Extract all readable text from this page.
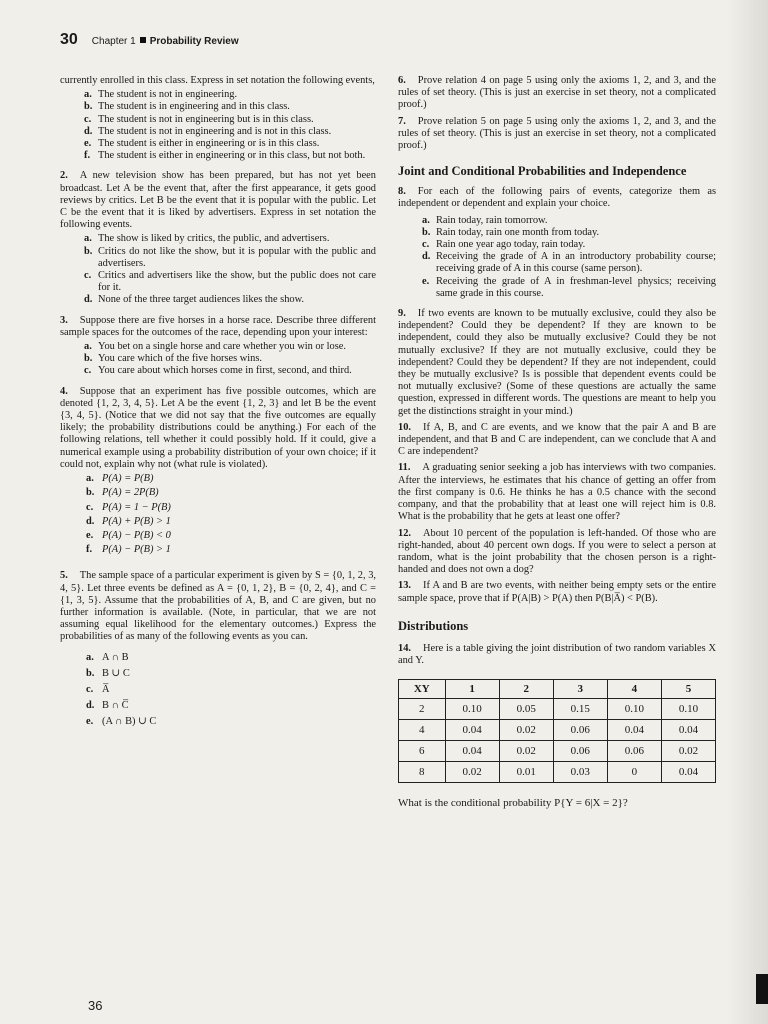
30 Chapter 1 Probability Review

currently enrolled in this class. Express in set notation the following events,

a. The student is not in engineering.
b. The student is in engineering and in this class.
c. The student is not in engineering but is in this class.
d. The student is not in engineering and is not in this class.
e. The student is either in engineering or is in this class.
f. The student is either in engineering or in this class, but not both.

2. A new television show has been prepared, but has not yet been broadcast. Let A be the event that, after the first appearance, it gets good reviews by critics. Let B be the event that it is popular with the public. Let C be the event that it is liked by advertisers. Express in set notation the following events.

a. The show is liked by critics, the public, and advertisers.
b. Critics do not like the show, but it is popular with the public and advertisers.
c. Critics and advertisers like the show, but the public does not care for it.
d. None of the three target audiences likes the show.

3. Suppose there are five horses in a horse race. Describe three different sample spaces for the outcomes of the race, depending upon your interest:

a. You bet on a single horse and care whether you win or lose.
b. You care which of the five horses wins.
c. You care about which horses come in first, second, and third.

4. Suppose that an experiment has five possible outcomes, which are denoted {1, 2, 3, 4, 5}. Let A be the event {1, 2, 3} and let B be the event {3, 4, 5}. (Notice that we did not say that the five outcomes are equally likely; the probability distributions could be anything.) For each of the following relations, tell whether it could possibly hold. If it could, give a numerical example using a probability distribution of your own choice; if it could not, explain why not (what rule is violated).

a. P(A) = P(B)
b. P(A) = 2P(B)
c. P(A) = 1 − P(B)
d. P(A) + P(B) > 1
e. P(A) − P(B) < 0
f. P(A) − P(B) > 1

5. The sample space of a particular experiment is given by S = {0, 1, 2, 3, 4, 5}. Let three events be defined as A = {0, 1, 2}, B = {0, 2, 4}, and C = {1, 3, 5}. Assume that the probabilities of A, B, and C are given, but no further information is available. (Note, in particular, that we are not assuming equal likelihood for the elementary outcomes.) Express the probabilities of as many of the following events as you can.

a. A ∩ B
b. B ∪ C
c. A̅
d. B ∩ C̅
e. (A ∩ B) ∪ C

6. Prove relation 4 on page 5 using only the axioms 1, 2, and 3, and the rules of set theory. (This is just an exercise in set theory, not a complicated proof.)

7. Prove relation 5 on page 5 using only the axioms 1, 2, and 3, and the rules of set theory. (This is just an exercise in set theory, not a complicated proof.)

Joint and Conditional Probabilities and Independence

8. For each of the following pairs of events, categorize them as independent or dependent and explain your choice.

a. Rain today, rain tomorrow.
b. Rain today, rain one month from today.
c. Rain one year ago today, rain today.
d. Receiving the grade of A in an introductory probability course; receiving grade of A in this course (same person).
e. Receiving the grade of A in freshman-level physics; receiving same grade in this course.

9. If two events are known to be mutually exclusive, could they also be independent? Could they be dependent? If they are known to be independent, could they also be mutually exclusive? Could they be not mutually exclusive? If they are not mutually exclusive, could they be independent? Could they be dependent? If they are not independent, could they be mutually exclusive? Is is possible that dependent events could be not mutually exclusive? (Some of these questions are actually the same question, expressed in different words. The questions are meant to help you get the distinctions straight in your mind.)

10. If A, B, and C are events, and we know that the pair A and B are independent, and that B and C are independent, can we conclude that A and C are independent?

11. A graduating senior seeking a job has interviews with two companies. After the interviews, he estimates that his chance of getting an offer from the first company is 0.6. He thinks he has a 0.5 chance with the second company, and that the probability that at least one will reject him is 0.8. What is the probability that he gets at least one offer?

12. About 10 percent of the population is left-handed. Of those who are right-handed, about 40 percent own dogs. If you were to select a person at random, what is the joint probability that the chosen person is a right-handed and does not own a dog?

13. If A and B are two events, with neither being empty sets or the entire sample space, prove that if P(A|B) > P(A) then P(B|A̅) < P(B).

Distributions

14. Here is a table giving the joint distribution of two random variables X and Y.

XY	1	2	3	4	5
2	0.10	0.05	0.15	0.10	0.10
4	0.04	0.02	0.06	0.04	0.04
6	0.04	0.02	0.06	0.06	0.02
8	0.02	0.01	0.03	0	0.04

What is the conditional probability P{Y = 6|X = 2}?

36
